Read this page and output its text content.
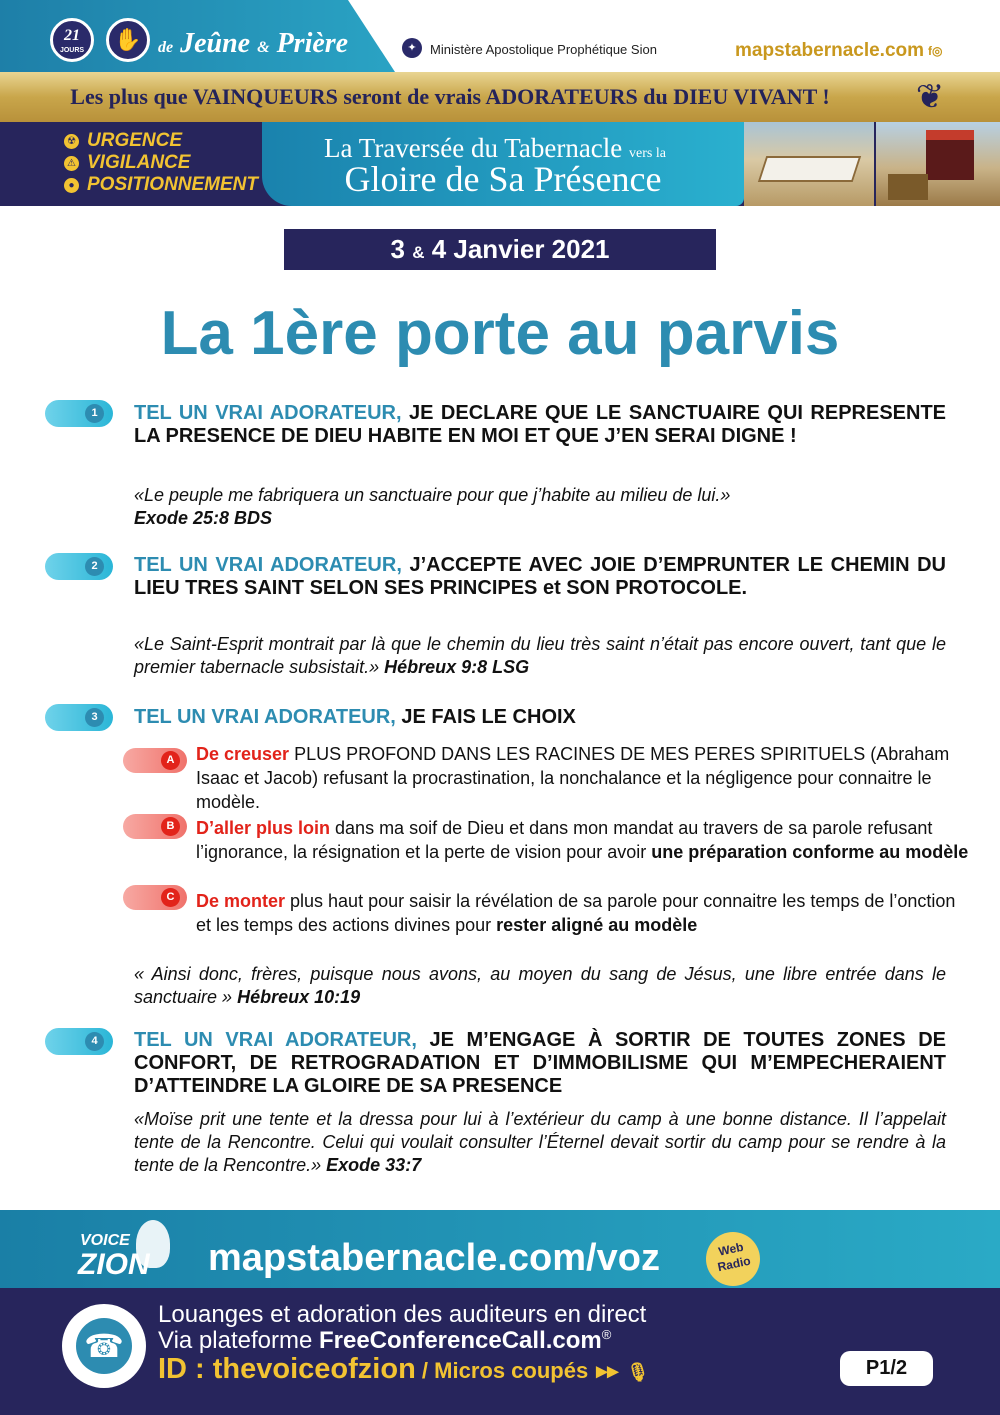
21
JOURS	✋	de Jeûne & Prière	✦	Ministère Apostolique Prophétique Sion	mapstabernacle.com f◎
Les plus que VAINQUEURS seront de vrais ADORATEURS du DIEU VIVANT !	❦
☢ URGENCE
⚠ VIGILANCE
● POSITIONNEMENT
La Traversée du Tabernacle vers la
Gloire de Sa Présence
3 & 4 Janvier 2021
La 1ère porte au parvis
1	TEL UN VRAI ADORATEUR, JE DECLARE QUE LE SANCTUAIRE QUI REPRESENTE LA PRESENCE DE DIEU HABITE EN MOI ET QUE J’EN SERAI DIGNE !
«Le peuple me fabriquera un sanctuaire pour que j’habite au milieu de lui.»
Exode 25:8 BDS
2	TEL UN VRAI ADORATEUR, J’ACCEPTE AVEC JOIE D’EMPRUNTER LE CHEMIN DU LIEU TRES SAINT SELON SES PRINCIPES et SON PROTOCOLE.
«Le Saint-Esprit montrait par là que le chemin du lieu très saint n’était pas encore ouvert, tant que le premier tabernacle subsistait.» Hébreux 9:8 LSG
3	TEL UN VRAI ADORATEUR, JE FAIS LE CHOIX
A	De creuser PLUS PROFOND DANS LES RACINES DE MES PERES SPIRITUELS (Abraham Isaac et Jacob) refusant la procrastination, la nonchalance et la négligence pour connaitre le modèle.
B	D’aller plus loin dans ma soif de Dieu et dans mon mandat au travers de sa parole refusant l’ignorance, la résignation et la perte de vision pour avoir une préparation conforme au modèle
C	De monter plus haut pour saisir la révélation de sa parole pour connaitre les temps de l’onction et les temps des actions divines pour rester aligné au modèle
« Ainsi donc, frères, puisque nous avons, au moyen du sang de Jésus, une libre entrée dans le sanctuaire » Hébreux 10:19
4	TEL UN VRAI ADORATEUR, JE M’ENGAGE À SORTIR DE TOUTES ZONES DE CONFORT, DE RETROGRADATION ET D’IMMOBILISME QUI M’EMPECHERAIENT D’ATTEINDRE LA GLOIRE DE SA PRESENCE
«Moïse prit une tente et la dressa pour lui à l’extérieur du camp à une bonne distance. Il l’appelait tente de la Rencontre. Celui qui voulait consulter l’Éternel devait sortir du camp pour se rendre à la tente de la Rencontre.» Exode 33:7
VOICE
ZION mapstabernacle.com/voz	Web
Radio
☎
Louanges et adoration des auditeurs en direct
Via plateforme FreeConferenceCall.com®
ID : thevoiceofzion / Micros coupés ▸▸ 🎙	P1/2
